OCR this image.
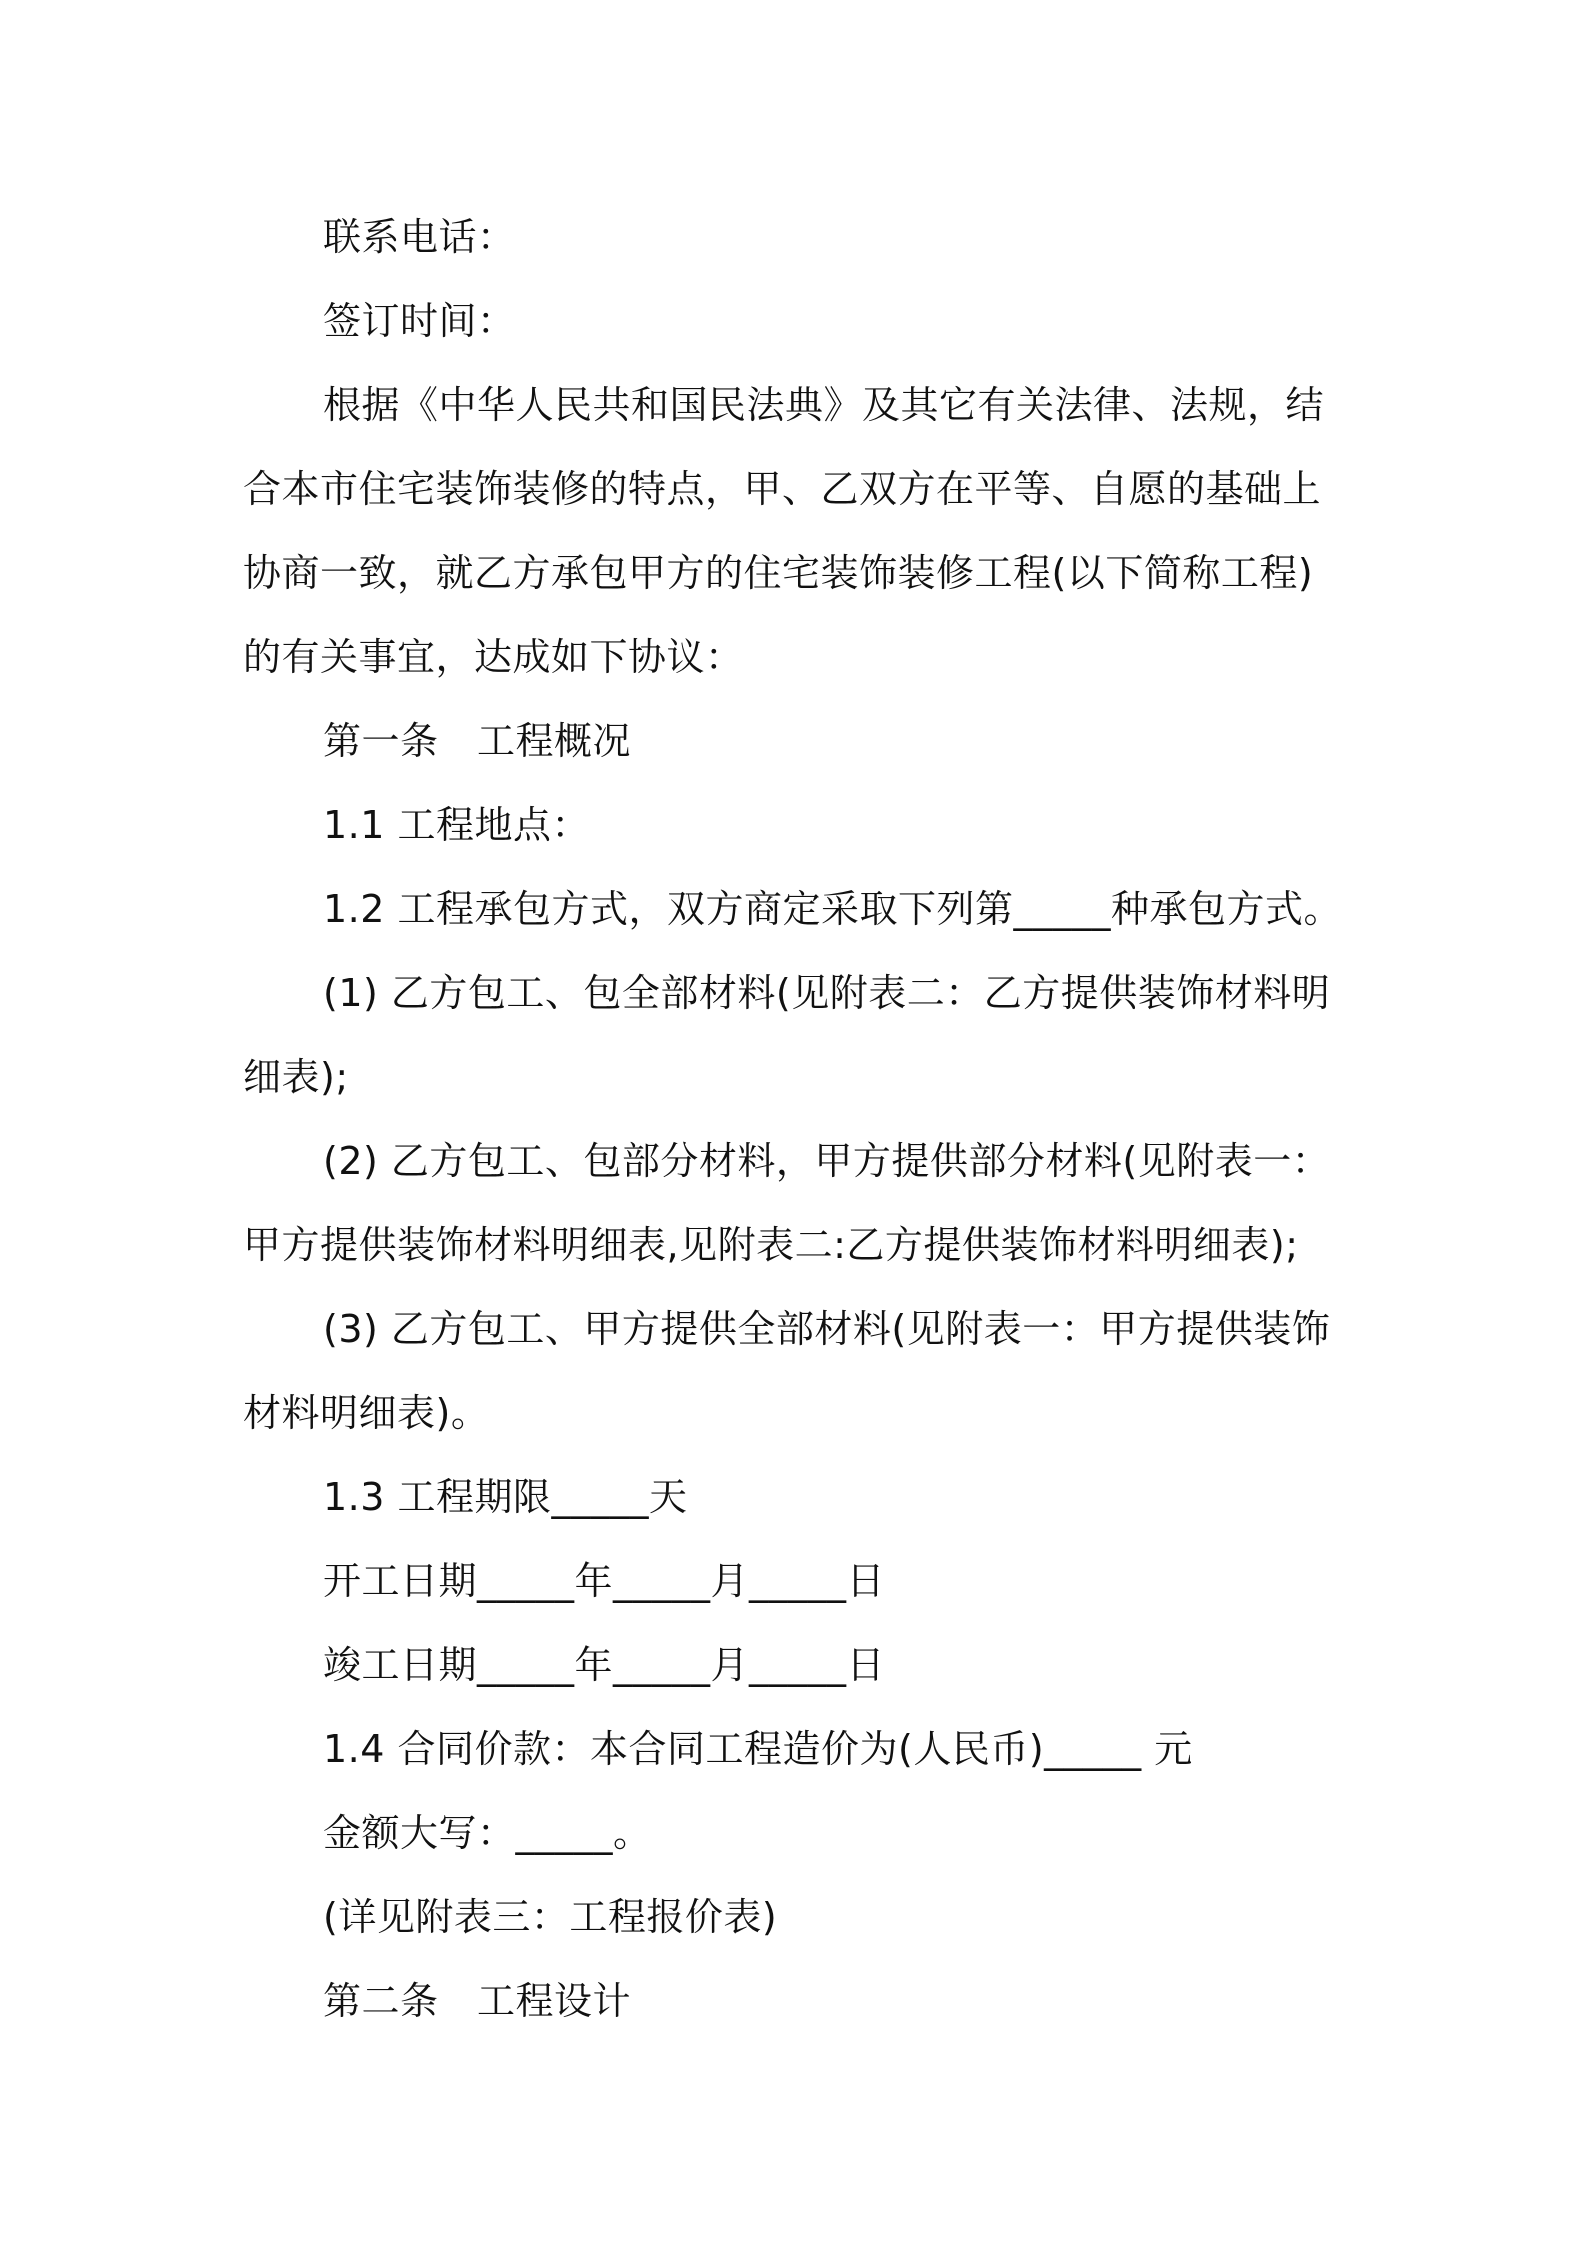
联系电话：
签订时间：
根据《中华人民共和国民法典》及其它有关法律、法规，结
合本市住宅装饰装修的特点，甲、乙双方在平等、自愿的基础上
协商一致，就乙方承包甲方的住宅装饰装修工程(以下简称工程)
的有关事宜，达成如下协议：
第一条　工程概况
1.1 工程地点：
1.2 工程承包方式，双方商定采取下列第_____种承包方式。
(1) 乙方包工、包全部材料(见附表二：乙方提供装饰材料明
细表);
(2) 乙方包工、包部分材料，甲方提供部分材料(见附表一：
甲方提供装饰材料明细表,见附表二:乙方提供装饰材料明细表);
(3) 乙方包工、甲方提供全部材料(见附表一：甲方提供装饰
材料明细表)。
1.3 工程期限_____天
开工日期_____年_____月_____日
竣工日期_____年_____月_____日
1.4 合同价款：本合同工程造价为(人民币)_____ 元
金额大写：_____。
(详见附表三：工程报价表)
第二条　工程设计
